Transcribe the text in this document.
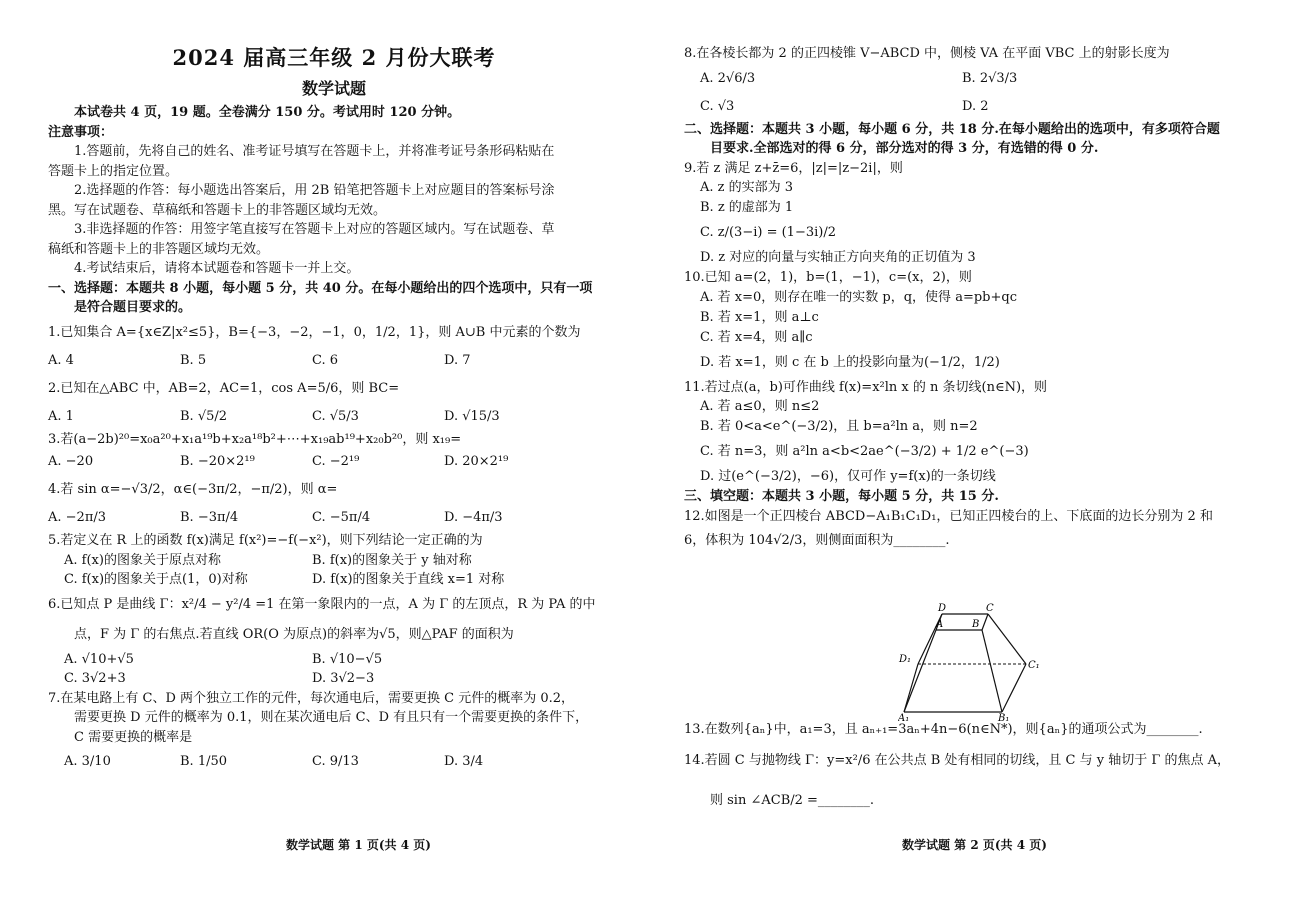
2024 届高三年级 2 月份大联考

数学试题

本试卷共 4 页，19 题。全卷满分 150 分。考试用时 120 分钟。

注意事项：

1.答题前，先将自己的姓名、准考证号填写在答题卡上，并将准考证号条形码粘贴在

答题卡上的指定位置。

2.选择题的作答：每小题选出答案后，用 2B 铅笔把答题卡上对应题目的答案标号涂

黑。写在试题卷、草稿纸和答题卡上的非答题区域均无效。

3.非选择题的作答：用签字笔直接写在答题卡上对应的答题区域内。写在试题卷、草

稿纸和答题卡上的非答题区域均无效。

4.考试结束后，请将本试题卷和答题卡一并上交。

一、选择题：本题共 8 小题，每小题 5 分，共 40 分。在每小题给出的四个选项中，只有一项

是符合题目要求的。

1.已知集合 A={x∈Z|x²≤5}，B={−3，−2，−1，0，1/2，1}，则 A∪B 中元素的个数为

A. 4	B. 5	C. 6	D. 7

2.已知在△ABC 中，AB=2，AC=1，cos A=5/6，则 BC=

A. 1	B. √5/2	C. √5/3	D. √15/3

3.若(a−2b)²⁰=x₀a²⁰+x₁a¹⁹b+x₂a¹⁸b²+⋯+x₁₉ab¹⁹+x₂₀b²⁰，则 x₁₉=

A. −20	B. −20×2¹⁹	C. −2¹⁹	D. 20×2¹⁹

4.若 sin α=−√3/2，α∈(−3π/2，−π/2)，则 α=

A. −2π/3	B. −3π/4	C. −5π/4	D. −4π/3

5.若定义在 R 上的函数 f(x)满足 f(x²)=−f(−x²)，则下列结论一定正确的为

A. f(x)的图象关于原点对称	B. f(x)的图象关于 y 轴对称
C. f(x)的图象关于点(1，0)对称	D. f(x)的图象关于直线 x=1 对称

6.已知点 P 是曲线 Γ：x²/4 − y²/4 =1 在第一象限内的一点，A 为 Γ 的左顶点，R 为 PA 的中

点，F 为 Γ 的右焦点.若直线 OR(O 为原点)的斜率为√5，则△PAF 的面积为

A. √10+√5	B. √10−√5
C. 3√2+3	D. 3√2−3

7.在某电路上有 C、D 两个独立工作的元件，每次通电后，需要更换 C 元件的概率为 0.2，

需要更换 D 元件的概率为 0.1，则在某次通电后 C、D 有且只有一个需要更换的条件下，

C 需要更换的概率是

A. 3/10	B. 1/50	C. 9/13	D. 3/4
数学试题 第 1 页(共 4 页)

8.在各棱长都为 2 的正四棱锥 V−ABCD 中，侧棱 VA 在平面 VBC 上的射影长度为

A. 2√6/3	B. 2√3/3
C. √3	D. 2

二、选择题：本题共 3 小题，每小题 6 分，共 18 分.在每小题给出的选项中，有多项符合题

目要求.全部选对的得 6 分，部分选对的得 3 分，有选错的得 0 分.

9.若 z 满足 z+z̄=6，|z|=|z−2i|，则

A. z 的实部为 3

B. z 的虚部为 1

C. z/(3−i) = (1−3i)/2

D. z 对应的向量与实轴正方向夹角的正切值为 3

10.已知 a=(2，1)，b=(1，−1)，c=(x，2)，则

A. 若 x=0，则存在唯一的实数 p，q，使得 a=pb+qc

B. 若 x=1，则 a⊥c

C. 若 x=4，则 a∥c

D. 若 x=1，则 c 在 b 上的投影向量为(−1/2，1/2)

11.若过点(a，b)可作曲线 f(x)=x²ln x 的 n 条切线(n∈N)，则

A. 若 a≤0，则 n≤2

B. 若 0<a<e^(−3/2)，且 b=a²ln a，则 n=2

C. 若 n=3，则 a²ln a<b<2ae^(−3/2) + 1/2 e^(−3)

D. 过(e^(−3/2)，−6)，仅可作 y=f(x)的一条切线

三、填空题：本题共 3 小题，每小题 5 分，共 15 分.

12.如图是一个正四棱台 ABCD−A₁B₁C₁D₁，已知正四棱台的上、下底面的边长分别为 2 和

6，体积为 104√2/3，则侧面面积为________.

D	C
A	B
D₁
C₁
A₁	B₁

13.在数列{aₙ}中，a₁=3，且 aₙ₊₁=3aₙ+4n−6(n∈N*)，则{aₙ}的通项公式为________.

14.若圆 C 与抛物线 Γ：y=x²/6 在公共点 B 处有相同的切线，且 C 与 y 轴切于 Γ 的焦点 A，

则 sin ∠ACB/2 =________.

数学试题 第 2 页(共 4 页)
